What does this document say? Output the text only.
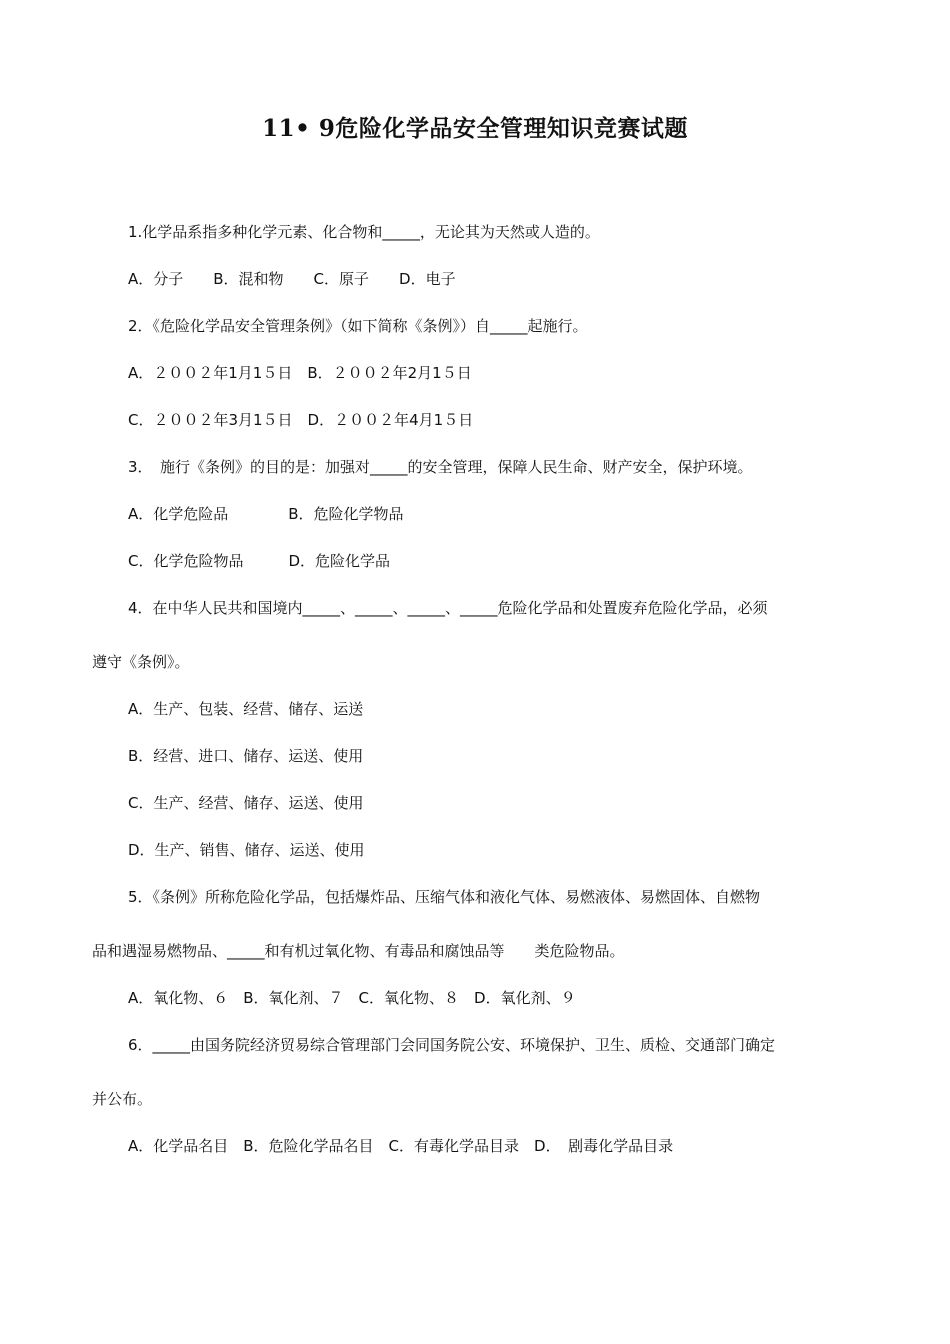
11• 9危险化学品安全管理知识竞赛试题

1.化学品系指多种化学元素、化合物和_____，无论其为天然或人造的。

A．分子　　B．混和物　　C．原子　　D．电子

2．《危险化学品安全管理条例》（如下简称《条例》）自_____起施行。

A．２００２年1月1５日　B．２００２年2月1５日

C．２００２年3月1５日　D．２００２年4月1５日

3．　施行《条例》的目的是：加强对_____的安全管理，保障人民生命、财产安全，保护环境。

A．化学危险品　　　　B．危险化学物品

C．化学危险物品　　　D．危险化学品

4．在中华人民共和国境内_____、_____、_____、_____危险化学品和处置废弃危险化学品，必须

遵守《条例》。

A．生产、包装、经营、储存、运送

B．经营、进口、储存、运送、使用

C．生产、经营、储存、运送、使用

D．生产、销售、储存、运送、使用

5．《条例》所称危险化学品，包括爆炸品、压缩气体和液化气体、易燃液体、易燃固体、自燃物

品和遇湿易燃物品、_____和有机过氧化物、有毒品和腐蚀品等　　类危险物品。

A．氧化物、６　B．氧化剂、７　C．氧化物、８　D．氧化剂、９

6．_____由国务院经济贸易综合管理部门会同国务院公安、环境保护、卫生、质检、交通部门确定

并公布。

A．化学品名目　B．危险化学品名目　C．有毒化学品目录　D．　剧毒化学品目录
